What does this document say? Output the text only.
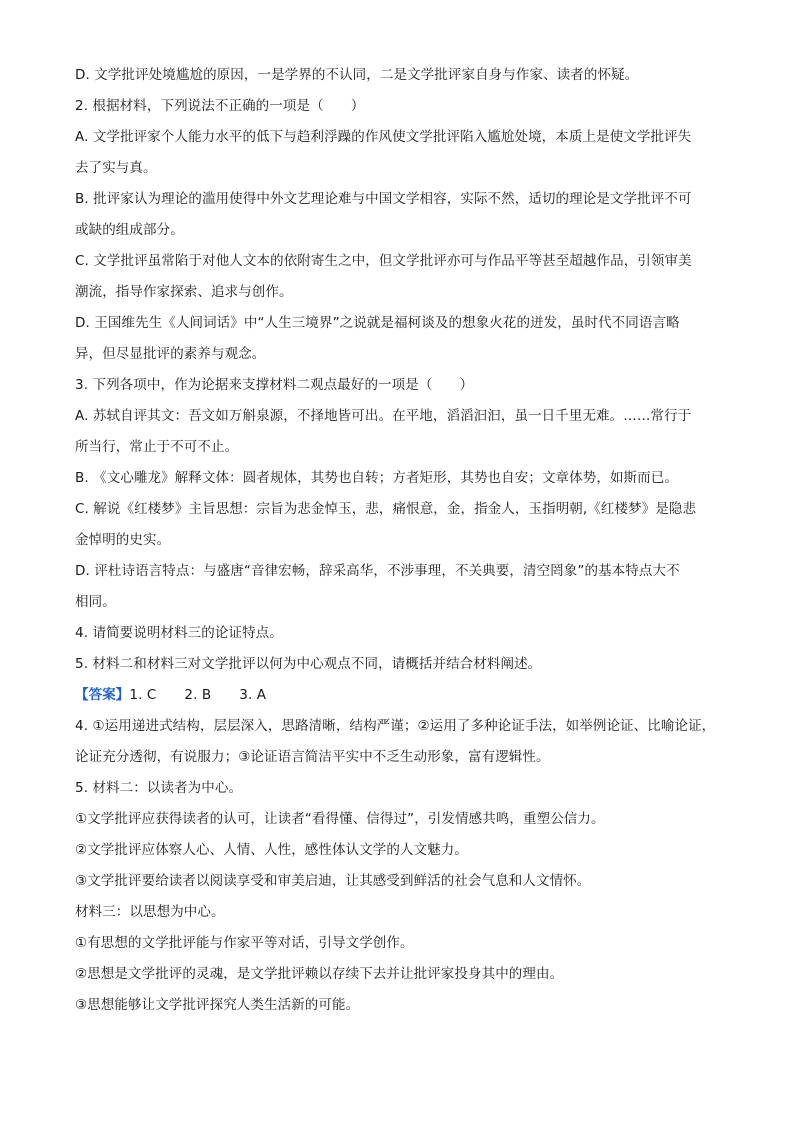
D. 文学批评处境尴尬的原因，一是学界的不认同，二是文学批评家自身与作家、读者的怀疑。
2. 根据材料，下列说法不正确的一项是（　　）
A. 文学批评家个人能力水平的低下与趋利浮躁的作风使文学批评陷入尴尬处境，本质上是使文学批评失
去了实与真。
B. 批评家认为理论的滥用使得中外文艺理论难与中国文学相容，实际不然，适切的理论是文学批评不可
或缺的组成部分。
C. 文学批评虽常陷于对他人文本的依附寄生之中，但文学批评亦可与作品平等甚至超越作品，引领审美
潮流，指导作家探索、追求与创作。
D. 王国维先生《人间词话》中“人生三境界”之说就是福柯谈及的想象火花的迸发，虽时代不同语言略
异，但尽显批评的素养与观念。
3. 下列各项中，作为论据来支撑材料二观点最好的一项是（　　）
A. 苏轼自评其文：吾文如万斛泉源，不择地皆可出。在平地，滔滔汩汩，虽一日千里无难。……常行于
所当行，常止于不可不止。
B. 《文心雕龙》解释文体：圆者规体，其势也自转；方者矩形，其势也自安；文章体势，如斯而已。
C. 解说《红楼梦》主旨思想：宗旨为悲金悼玉，悲，痛恨意，金，指金人，玉指明朝,《红楼梦》是隐悲
金悼明的史实。
D. 评杜诗语言特点：与盛唐“音律宏畅，辞采高华，不涉事理，不关典要，清空罔象”的基本特点大不
相同。
4. 请简要说明材料三的论证特点。
5. 材料二和材料三对文学批评以何为中心观点不同，请概括并结合材料阐述。
【答案】1. C 2. B 3. A
4. ①运用递进式结构，层层深入，思路清晰，结构严谨；②运用了多种论证手法，如举例论证、比喻论证，
论证充分透彻，有说服力；③论证语言简洁平实中不乏生动形象，富有逻辑性。
5. 材料二：以读者为中心。
①文学批评应获得读者的认可，让读者“看得懂、信得过”，引发情感共鸣，重塑公信力。
②文学批评应体察人心、人情、人性，感性体认文学的人文魅力。
③文学批评要给读者以阅读享受和审美启迪，让其感受到鲜活的社会气息和人文情怀。
材料三：以思想为中心。
①有思想的文学批评能与作家平等对话，引导文学创作。
②思想是文学批评的灵魂，是文学批评赖以存续下去并让批评家投身其中的理由。
③思想能够让文学批评探究人类生活新的可能。
